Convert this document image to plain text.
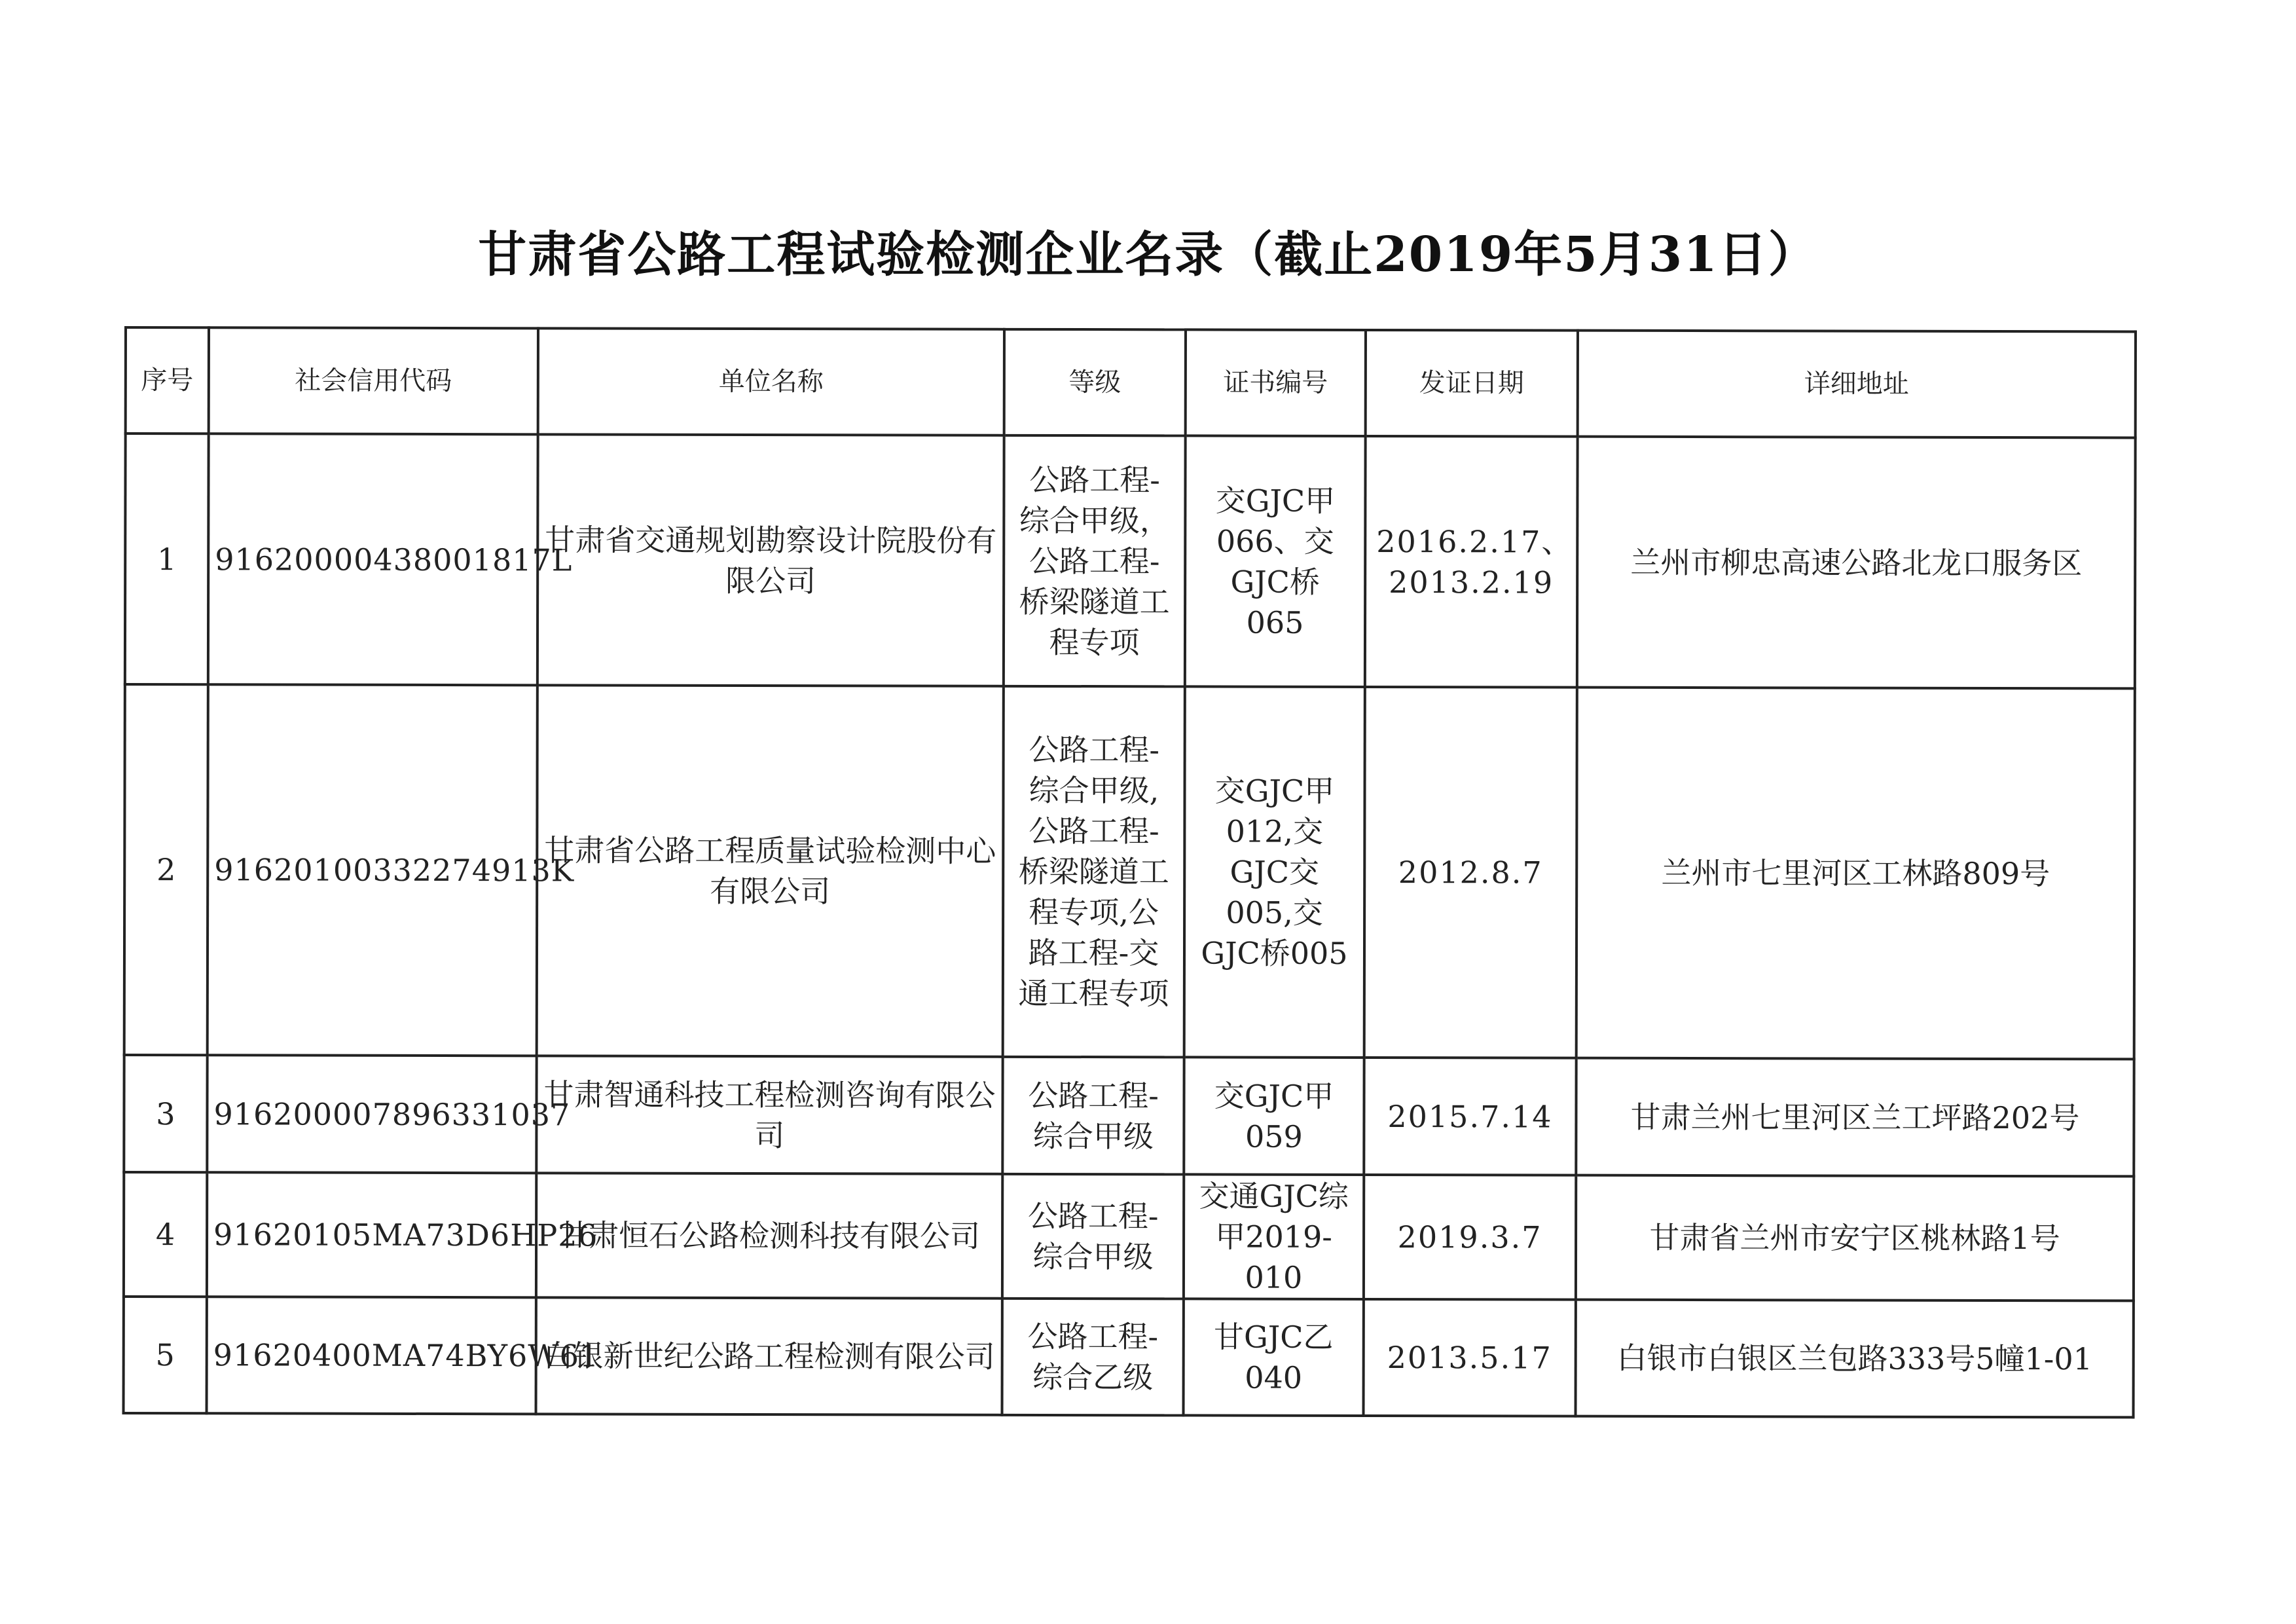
甘肃省公路工程试验检测企业名录（截止2019年5月31日）
序号	社会信用代码	单位名称	等级	证书编号	发证日期	详细地址
1	91620000438001817L	甘肃省交通规划勘察设计院股份有限公司	公路工程-综合甲级，公路工程-桥梁隧道工程专项	交GJC甲066、交GJC桥065	2016.2.17、2013.2.19	兰州市柳忠高速公路北龙口服务区
2	91620100332274913K	甘肃省公路工程质量试验检测中心有限公司	公路工程-综合甲级,公路工程-桥梁隧道工程专项,公路工程-交通工程专项	交GJC甲012,交GJC交005,交GJC桥005	2012.8.7	兰州市七里河区工林路809号
3	916200007896331037	甘肃智通科技工程检测咨询有限公司	公路工程-综合甲级	交GJC甲059	2015.7.14	甘肃兰州七里河区兰工坪路202号
4	91620105MA73D6HP26	甘肃恒石公路检测科技有限公司	公路工程-综合甲级	交通GJC综甲2019-010	2019.3.7	甘肃省兰州市安宁区桃林路1号
5	91620400MA74BY6W61	白银新世纪公路工程检测有限公司	公路工程-综合乙级	甘GJC乙040	2013.5.17	白银市白银区兰包路333号5幢1-01
